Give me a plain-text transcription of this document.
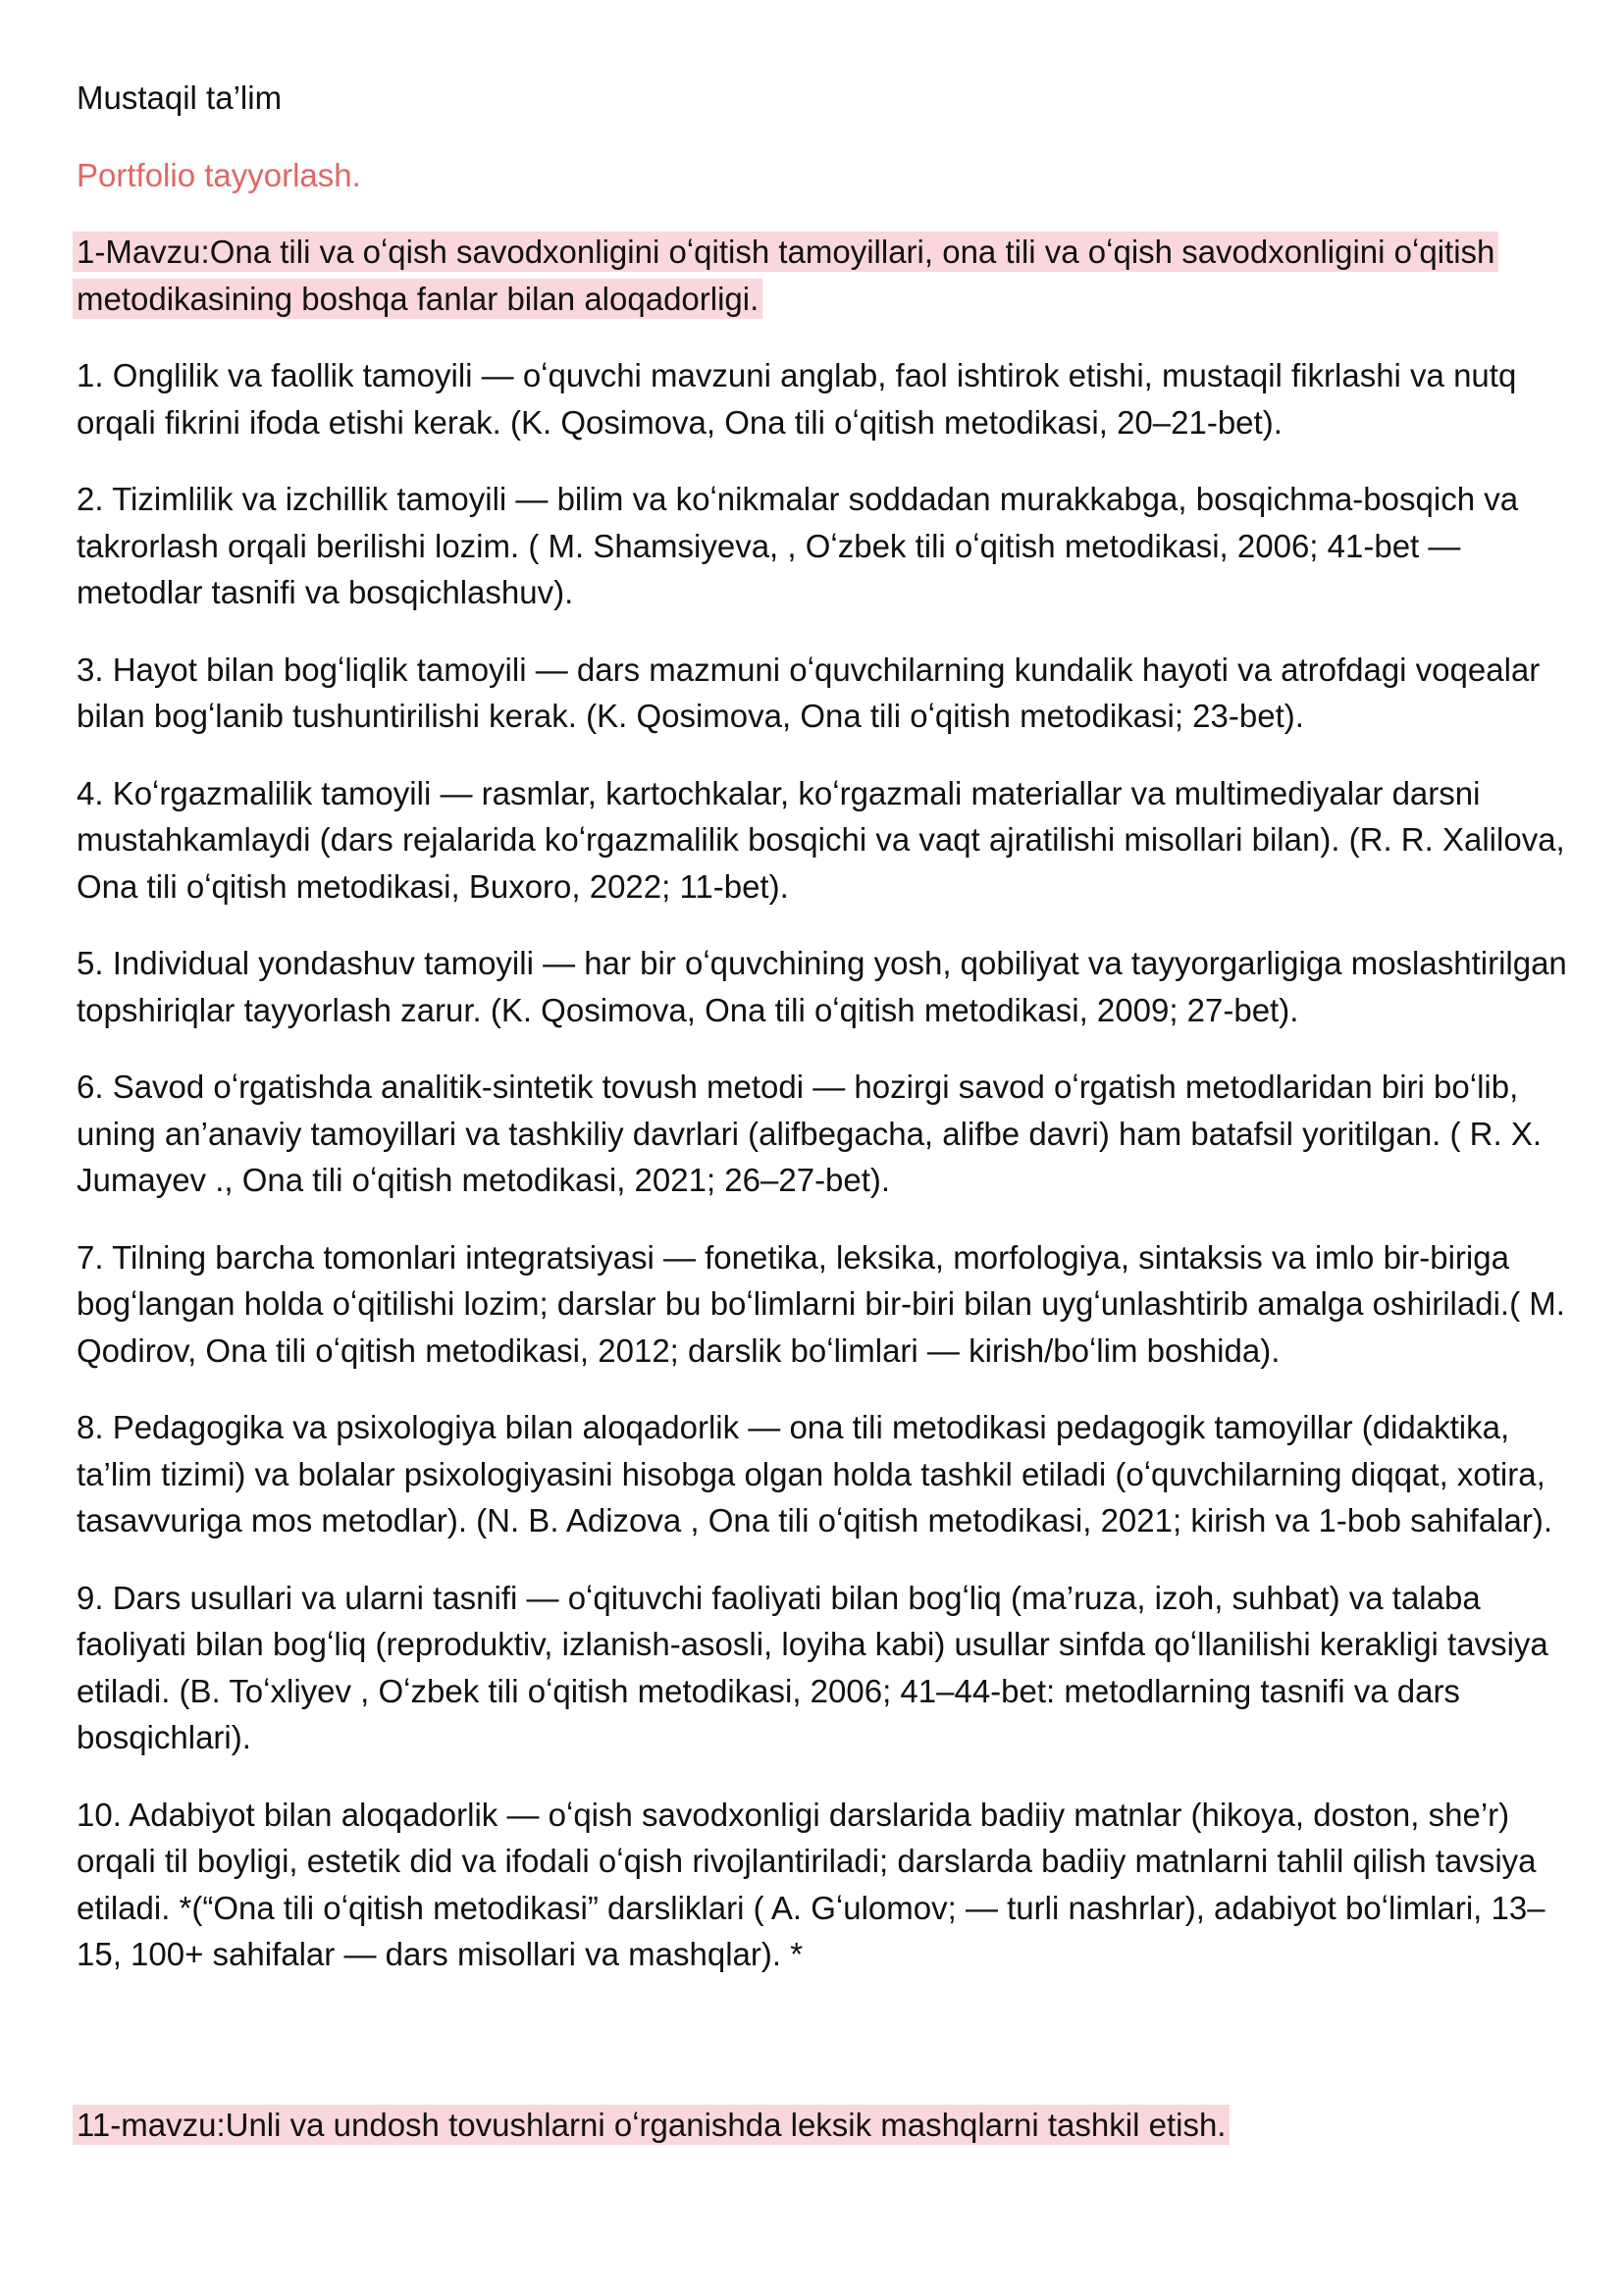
Mustaqil ta’lim

Portfolio tayyorlash.

1-Mavzu:Ona tili va oʻqish savodxonligini oʻqitish tamoyillari, ona tili va oʻqish savodxonligini oʻqitish metodikasining boshqa fanlar bilan aloqadorligi.

1. Onglilik va faollik tamoyili — oʻquvchi mavzuni anglab, faol ishtirok etishi, mustaqil fikrlashi va nutq orqali fikrini ifoda etishi kerak. (K. Qosimova, Ona tili oʻqitish metodikasi, 20–21-bet).

2. Tizimlilik va izchillik tamoyili — bilim va koʻnikmalar soddadan murakkabga, bosqichma-bosqich va takrorlash orqali berilishi lozim. ( M. Shamsiyeva, , Oʻzbek tili oʻqitish metodikasi, 2006; 41-bet — metodlar tasnifi va bosqichlashuv).

3. Hayot bilan bogʻliqlik tamoyili — dars mazmuni oʻquvchilarning kundalik hayoti va atrofdagi voqealar bilan bogʻlanib tushuntirilishi kerak. (K. Qosimova, Ona tili oʻqitish metodikasi; 23-bet).

4. Koʻrgazmalilik tamoyili — rasmlar, kartochkalar, koʻrgazmali materiallar va multimediyalar darsni mustahkamlaydi (dars rejalarida koʻrgazmalilik bosqichi va vaqt ajratilishi misollari bilan). (R. R. Xalilova, Ona tili oʻqitish metodikasi, Buxoro, 2022; 11-bet).

5. Individual yondashuv tamoyili — har bir oʻquvchining yosh, qobiliyat va tayyorgarligiga moslashtirilgan topshiriqlar tayyorlash zarur. (K. Qosimova, Ona tili oʻqitish metodikasi, 2009; 27-bet).

6. Savod oʻrgatishda analitik-sintetik tovush metodi — hozirgi savod oʻrgatish metodlaridan biri boʻlib, uning an’anaviy tamoyillari va tashkiliy davrlari (alifbegacha, alifbe davri) ham batafsil yoritilgan. ( R. X. Jumayev ., Ona tili oʻqitish metodikasi, 2021; 26–27-bet).

7. Tilning barcha tomonlari integratsiyasi — fonetika, leksika, morfologiya, sintaksis va imlo bir-biriga bogʻlangan holda oʻqitilishi lozim; darslar bu boʻlimlarni bir-biri bilan uygʻunlashtirib amalga oshiriladi.( M. Qodirov, Ona tili oʻqitish metodikasi, 2012; darslik boʻlimlari — kirish/boʻlim boshida).

8. Pedagogika va psixologiya bilan aloqadorlik — ona tili metodikasi pedagogik tamoyillar (didaktika, ta’lim tizimi) va bolalar psixologiyasini hisobga olgan holda tashkil etiladi (oʻquvchilarning diqqat, xotira, tasavvuriga mos metodlar). (N. B. Adizova , Ona tili oʻqitish metodikasi, 2021; kirish va 1-bob sahifalar).

9. Dars usullari va ularni tasnifi — oʻqituvchi faoliyati bilan bogʻliq (ma’ruza, izoh, suhbat) va talaba faoliyati bilan bogʻliq (reproduktiv, izlanish-asosli, loyiha kabi) usullar sinfda qoʻllanilishi kerakligi tavsiya etiladi. (B. Toʻxliyev , Oʻzbek tili oʻqitish metodikasi, 2006; 41–44-bet: metodlarning tasnifi va dars bosqichlari).

10. Adabiyot bilan aloqadorlik — oʻqish savodxonligi darslarida badiiy matnlar (hikoya, doston, she’r) orqali til boyligi, estetik did va ifodali oʻqish rivojlantiriladi; darslarda badiiy matnlarni tahlil qilish tavsiya etiladi. *(“Ona tili oʻqitish metodikasi” darsliklari ( A. Gʻulomov; — turli nashrlar), adabiyot boʻlimlari, 13–15, 100+ sahifalar — dars misollari va mashqlar). *

11-mavzu:Unli va undosh tovushlarni oʻrganishda leksik mashqlarni tashkil etish.
